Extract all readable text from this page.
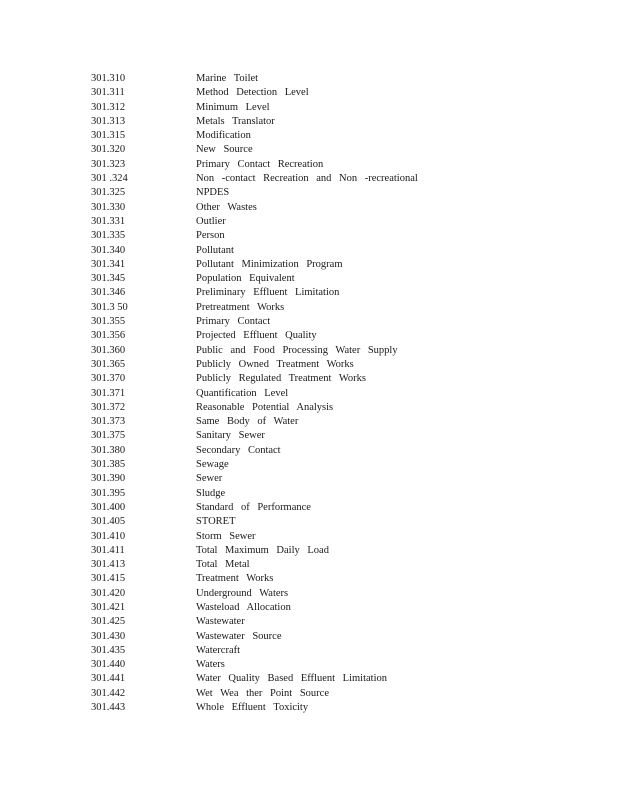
301.310	Marine Toilet
301.311	Method Detection Level
301.312	Minimum Level
301.313	Metals Translator
301.315	Modification
301.320	New Source
301.323	Primary Contact Recreation
301 .324	Non -contact Recreation and Non -recreational
301.325	NPDES
301.330	Other Wastes
301.331	Outlier
301.335	Person
301.340	Pollutant
301.341	Pollutant Minimization Program
301.345	Population Equivalent
301.346	Preliminary Effluent Limitation
301.3 50	Pretreatment Works
301.355	Primary Contact
301.356	Projected Effluent Quality
301.360	Public and Food Processing Water Supply
301.365	Publicly Owned Treatment Works
301.370	Publicly Regulated Treatment Works
301.371	Quantification Level
301.372	Reasonable Potential Analysis
301.373	Same Body of Water
301.375	Sanitary Sewer
301.380	Secondary Contact
301.385	Sewage
301.390	Sewer
301.395	Sludge
301.400	Standard of Performance
301.405	STORET
301.410	Storm Sewer
301.411	Total Maximum Daily Load
301.413	Total Metal
301.415	Treatment Works
301.420	Underground Waters
301.421	Wasteload Allocation
301.425	Wastewater
301.430	Wastewater Source
301.435	Watercraft
301.440	Waters
301.441	Water Quality Based Effluent Limitation
301.442	Wet Wea ther Point Source
301.443	Whole Effluent Toxicity
